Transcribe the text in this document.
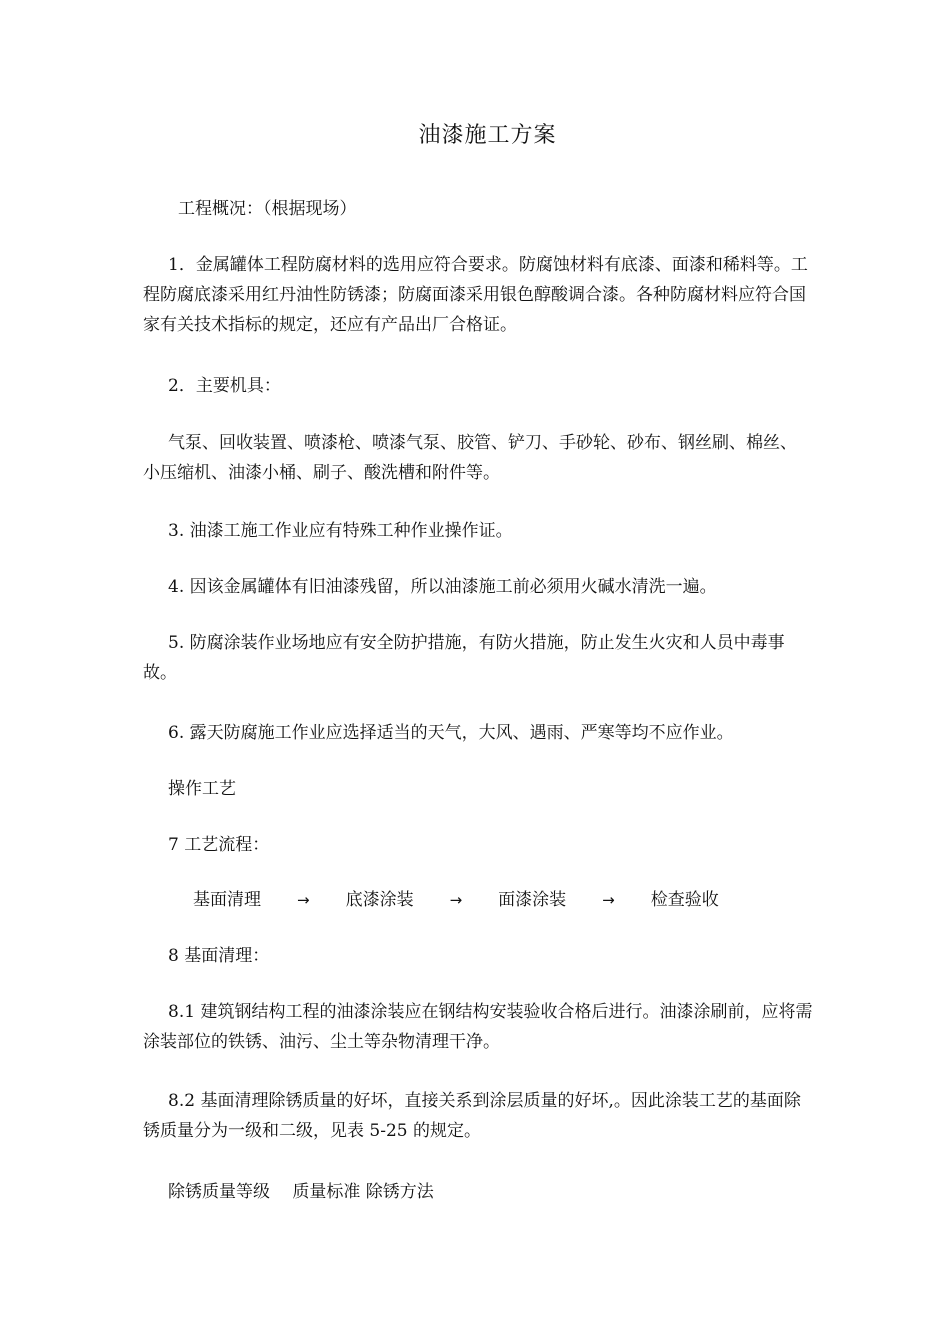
油漆施工方案

工程概况：（根据现场）

1．金属罐体工程防腐材料的选用应符合要求。防腐蚀材料有底漆、面漆和稀料等。工程防腐底漆采用红丹油性防锈漆；防腐面漆采用银色醇酸调合漆。各种防腐材料应符合国家有关技术指标的规定，还应有产品出厂合格证。

2．主要机具：

气泵、回收装置、喷漆枪、喷漆气泵、胶管、铲刀、手砂轮、砂布、钢丝刷、棉丝、小压缩机、油漆小桶、刷子、酸洗槽和附件等。

3. 油漆工施工作业应有特殊工种作业操作证。

4. 因该金属罐体有旧油漆残留，所以油漆施工前必须用火碱水清洗一遍。

5. 防腐涂装作业场地应有安全防护措施，有防火措施，防止发生火灾和人员中毒事故。

6. 露天防腐施工作业应选择适当的天气，大风、遇雨、严寒等均不应作业。

操作工艺

7 工艺流程：

基面清理 → 底漆涂装 → 面漆涂装 → 检查验收

8 基面清理：

8.1 建筑钢结构工程的油漆涂装应在钢结构安装验收合格后进行。油漆涂刷前，应将需涂装部位的铁锈、油污、尘土等杂物清理干净。

8.2 基面清理除锈质量的好坏，直接关系到涂层质量的好坏,。因此涂装工艺的基面除锈质量分为一级和二级，见表 5-25 的规定。

除锈质量等级　 质量标准 除锈方法
